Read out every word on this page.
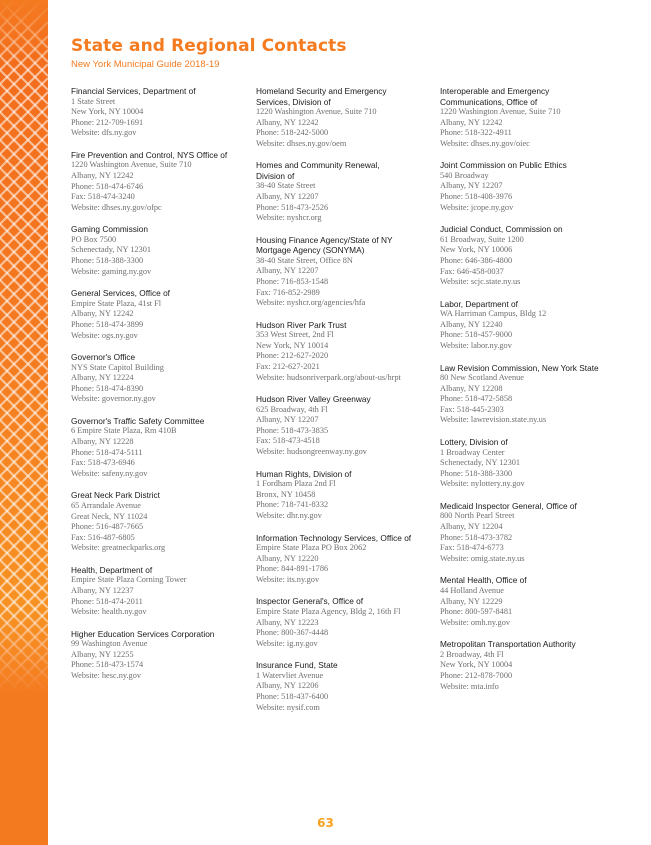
State and Regional Contacts
New York Municipal Guide 2018-19
Financial Services, Department of
1 State Street
New York, NY 10004
Phone: 212-709-1691
Website: dfs.ny.gov
Fire Prevention and Control, NYS Office of
1220 Washington Avenue, Suite 710
Albany, NY 12242
Phone: 518-474-6746
Fax: 518-474-3240
Website: dhses.ny.gov/ofpc
Gaming Commission
PO Box 7500
Schenectady, NY 12301
Phone: 518-388-3300
Website: gaming.ny.gov
General Services, Office of
Empire State Plaza, 41st Fl
Albany, NY 12242
Phone: 518-474-3899
Website: ogs.ny.gov
Governor's Office
NYS State Capitol Building
Albany, NY 12224
Phone: 518-474-8390
Website: governor.ny.gov
Governor's Traffic Safety Committee
6 Empire State Plaza, Rm 410B
Albany, NY 12228
Phone: 518-474-5111
Fax: 518-473-6946
Website: safeny.ny.gov
Great Neck Park District
65 Arrandale Avenue
Great Neck, NY 11024
Phone: 516-487-7665
Fax: 516-487-6805
Website: greatneckparks.org
Health, Department of
Empire State Plaza Corning Tower
Albany, NY 12237
Phone: 518-474-2011
Website: health.ny.gov
Higher Education Services Corporation
99 Washington Avenue
Albany, NY 12255
Phone: 518-473-1574
Website: hesc.ny.gov
Homeland Security and Emergency
Services, Division of
1220 Washington Avenue, Suite 710
Albany, NY 12242
Phone: 518-242-5000
Website: dhses.ny.gov/oem
Homes and Community Renewal,
Division of
38-40 State Street
Albany, NY 12207
Phone: 518-473-2526
Website: nyshcr.org
Housing Finance Agency/State of NY
Mortgage Agency (SONYMA)
38-40 State Street, Office 8N
Albany, NY 12207
Phone: 716-853-1548
Fax: 716-852-2989
Website: nyshcr.org/agencies/hfa
Hudson River Park Trust
353 West Street, 2nd Fl
New York, NY 10014
Phone: 212-627-2020
Fax: 212-627-2021
Website: hudsonriverpark.org/about-us/hrpt
Hudson River Valley Greenway
625 Broadway, 4th Fl
Albany, NY 12207
Phone: 518-473-3835
Fax: 518-473-4518
Website: hudsongreenway.ny.gov
Human Rights, Division of
1 Fordham Plaza 2nd Fl
Bronx, NY 10458
Phone: 718-741-8332
Website: dhr.ny.gov
Information Technology Services, Office of
Empire State Plaza PO Box 2062
Albany, NY 12220
Phone: 844-891-1786
Website: its.ny.gov
Inspector General's, Office of
Empire State Plaza Agency, Bldg 2, 16th Fl
Albany, NY 12223
Phone: 800-367-4448
Website: ig.ny.gov
Insurance Fund, State
1 Watervliet Avenue
Albany, NY 12206
Phone: 518-437-6400
Website: nysif.com
Interoperable and Emergency
Communications, Office of
1220 Washington Avenue, Suite 710
Albany, NY 12242
Phone: 518-322-4911
Website: dhses.ny.gov/oiec
Joint Commission on Public Ethics
540 Broadway
Albany, NY 12207
Phone: 518-408-3976
Website: jcope.ny.gov
Judicial Conduct, Commission on
61 Broadway, Suite 1200
New York, NY 10006
Phone: 646-386-4800
Fax: 646-458-0037
Website: scjc.state.ny.us
Labor, Department of
WA Harriman Campus, Bldg 12
Albany, NY 12240
Phone: 518-457-9000
Website: labor.ny.gov
Law Revision Commission, New York State
80 New Scotland Avenue
Albany, NY 12208
Phone: 518-472-5858
Fax: 518-445-2303
Website: lawrevision.state.ny.us
Lottery, Division of
1 Broadway Center
Schenectady, NY 12301
Phone: 518-388-3300
Website: nylottery.ny.gov
Medicaid Inspector General, Office of
800 North Pearl Street
Albany, NY 12204
Phone: 518-473-3782
Fax: 518-474-6773
Website: omig.state.ny.us
Mental Health, Office of
44 Holland Avenue
Albany, NY 12229
Phone: 800-597-8481
Website: omh.ny.gov
Metropolitan Transportation Authority
2 Broadway, 4th Fl
New York, NY 10004
Phone: 212-878-7000
Website: mta.info
63
